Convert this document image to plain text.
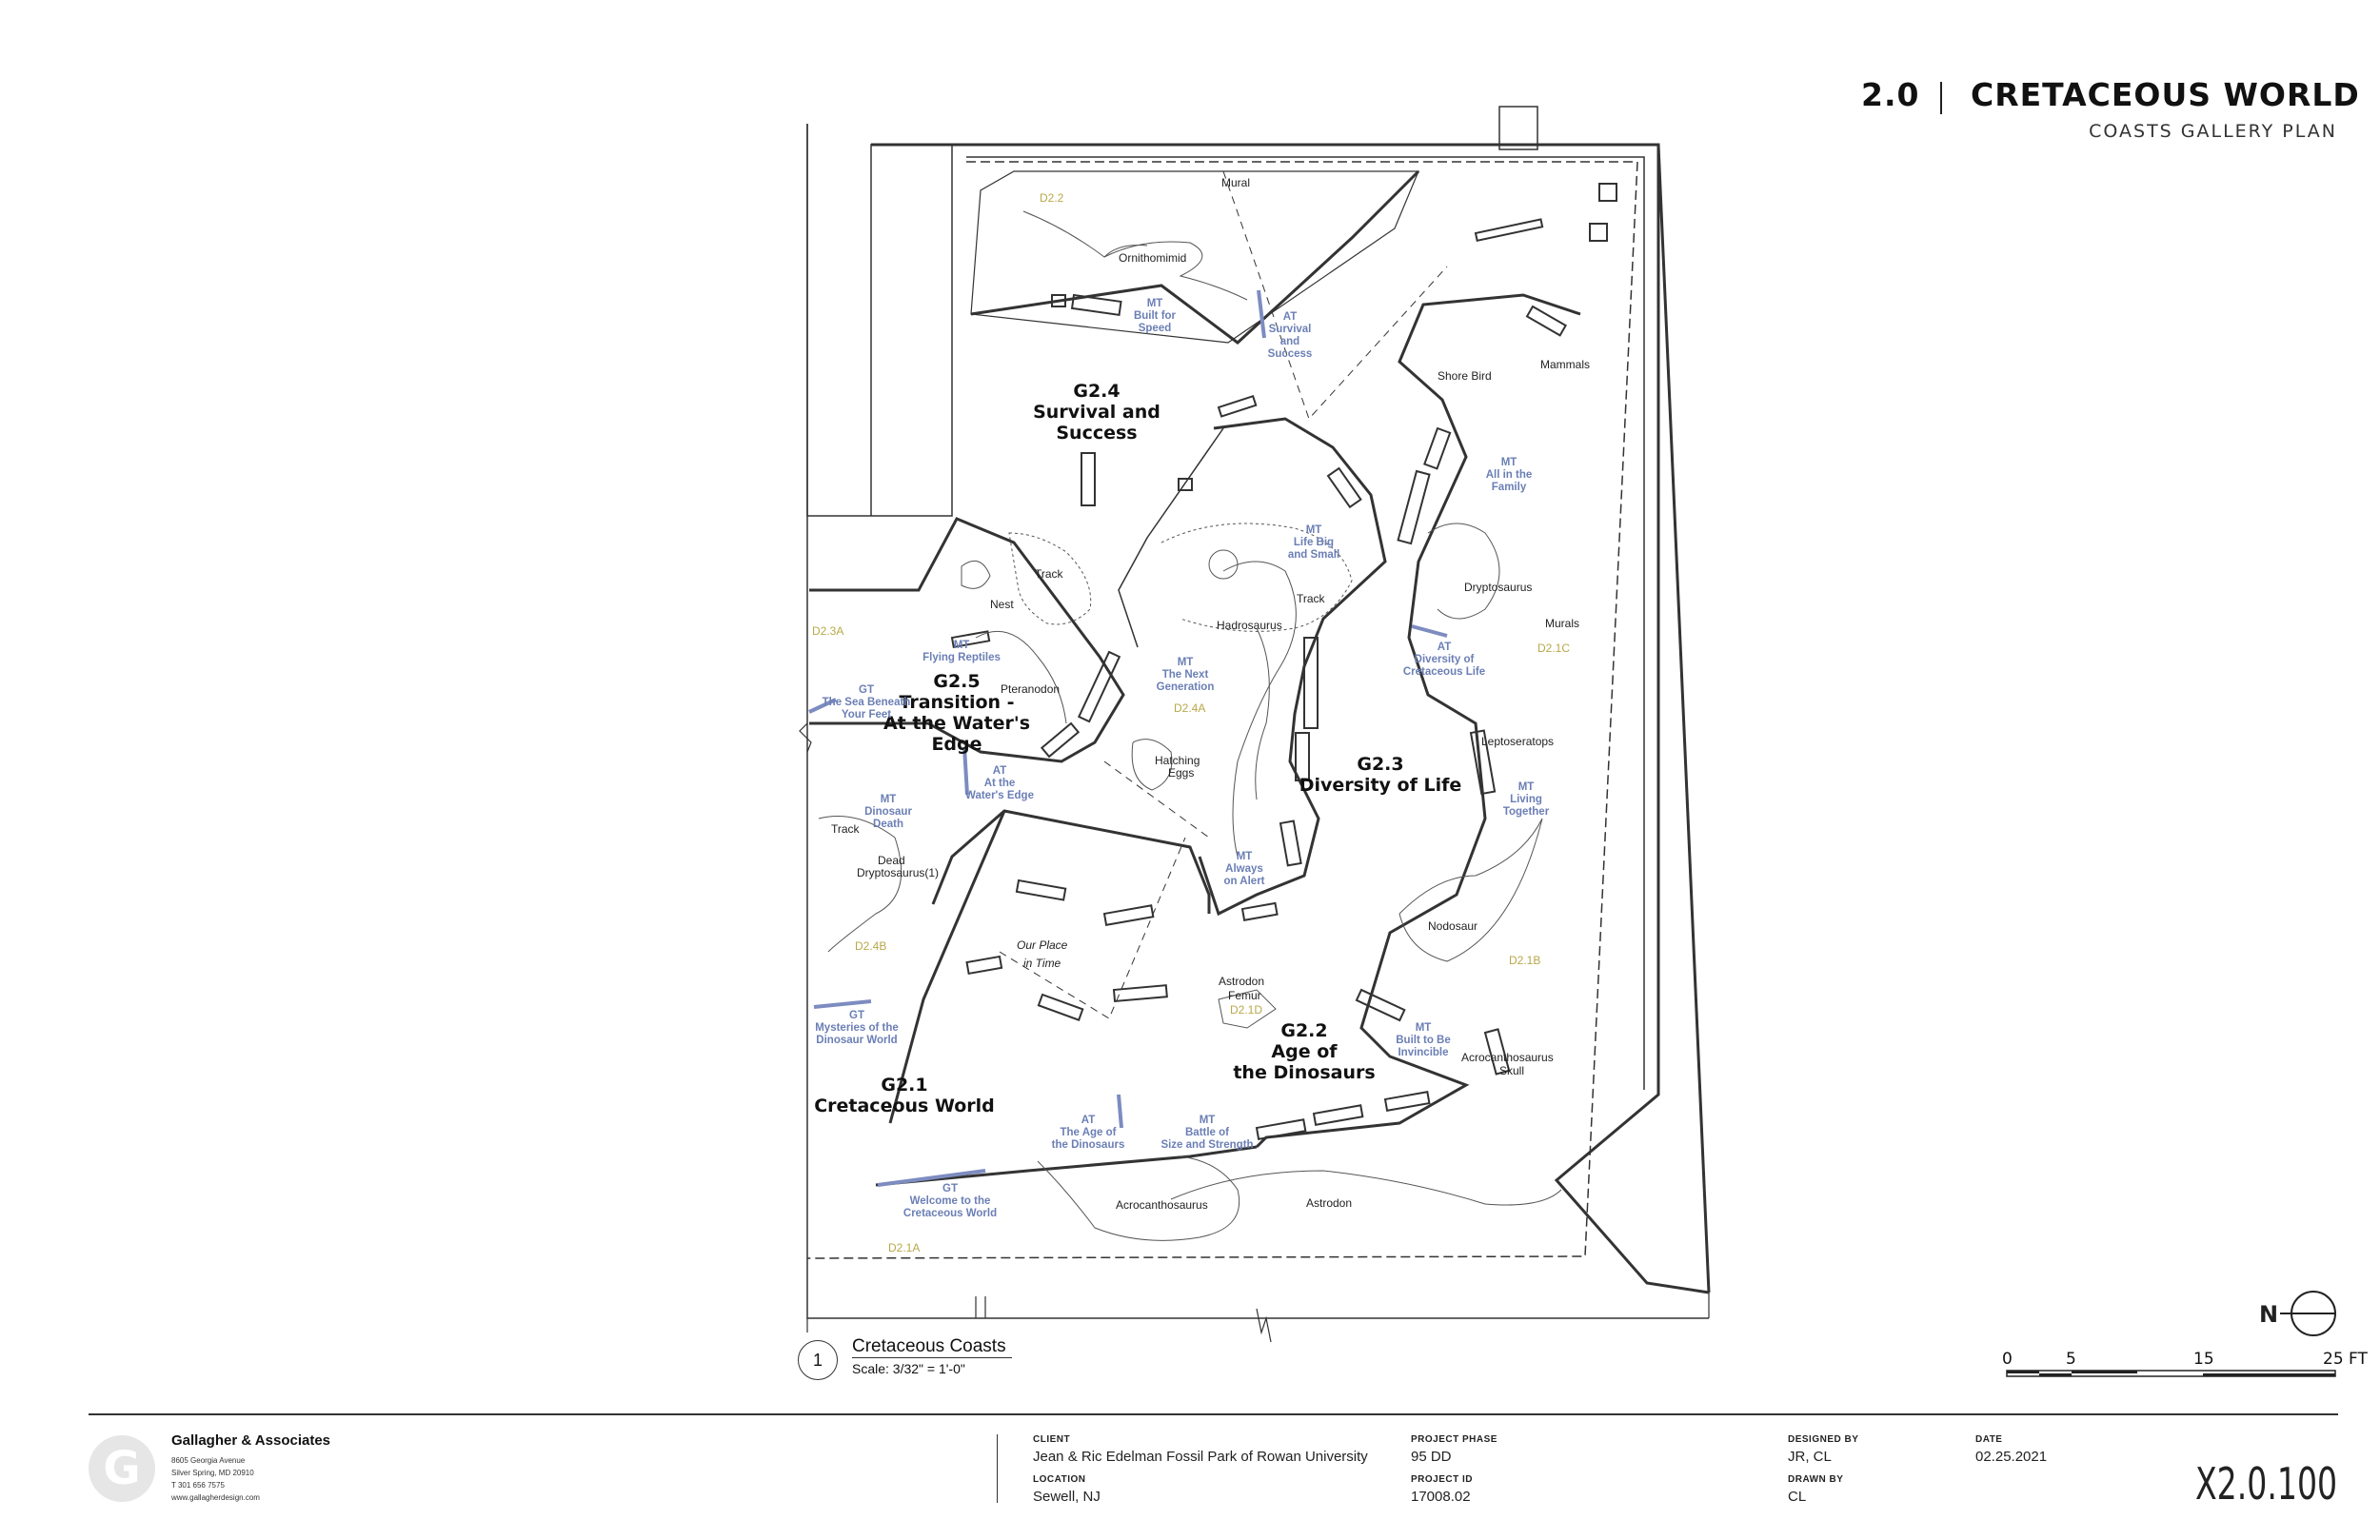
2.0 CRETACEOUS WORLD
COASTS GALLERY PLAN
G2.4 Survival and Success
G2.5 Transition -At the Water's Edge
G2.3 Diversity of Life
G2.2 Age of the Dinosaurs
G2.1 Cretaceous World
MT Built for Speed
AT Survival and Success
MT All in the Family
MT Life Big and Small
MT Flying Reptiles	MT The Next Generation
AT Diversity of Cretaceous Life
GT The Sea Beneath Your Feet
AT At the Water's Edge
MT Dinosaur Death
MT Living Together
MT Always on Alert
GT Mysteries of the Dinosaur World
MT Built to Be Invincible
AT The Age of the Dinosaurs
MT Battle of Size and Strength
GT Welcome to the Cretaceous World
D2.2
D2.3A
D2.4A
D2.1C
D2.4B
D2.1B
D2.1D
D2.1A
Mural
Ornithomimid
Shore Bird
Mammals
Track
Nest
Dryptosaurus
Murals
Hadrosaurus
Track
Pteranodon
Hatching
Eggs
Leptoseratops
Track
Dead
Dryptosaurus(1)
Nodosaur
Our Place
in Time
Astrodon
Femur
Acrocanthosaurus
Skull
Acrocanthosaurus	Astrodon
N
0	5	15	25 FT
1
Cretaceous Coasts
Scale: 3/32" = 1'-0"
G
Gallagher & Associates
8605 Georgia Avenue
Silver Spring, MD 20910
T 301 656 7575
www.gallagherdesign.com
CLIENT
Jean & Ric Edelman Fossil Park of Rowan University
LOCATION
Sewell, NJ
PROJECT PHASE
95 DD
PROJECT ID
17008.02
DESIGNED BY
JR, CL
DRAWN BY
CL
DATE
02.25.2021
X2.0.100
